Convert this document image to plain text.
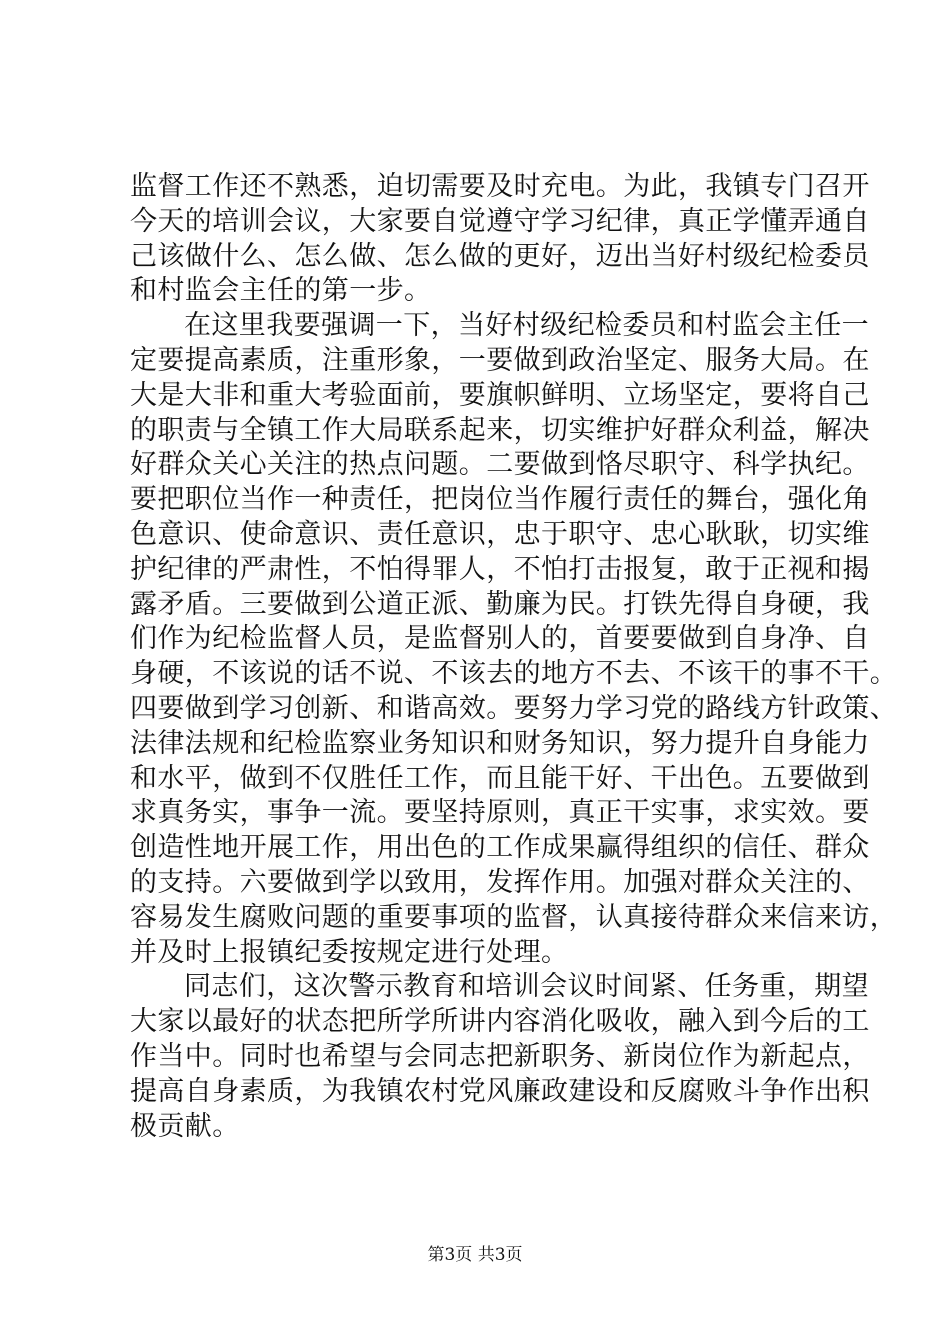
监督工作还不熟悉，迫切需要及时充电。为此，我镇专门召开
今天的培训会议，大家要自觉遵守学习纪律，真正学懂弄通自
己该做什么、怎么做、怎么做的更好，迈出当好村级纪检委员
和村监会主任的第一步。
在这里我要强调一下，当好村级纪检委员和村监会主任一
定要提高素质，注重形象，一要做到政治坚定、服务大局。在
大是大非和重大考验面前，要旗帜鲜明、立场坚定，要将自己
的职责与全镇工作大局联系起来，切实维护好群众利益，解决
好群众关心关注的热点问题。二要做到恪尽职守、科学执纪。
要把职位当作一种责任，把岗位当作履行责任的舞台，强化角
色意识、使命意识、责任意识，忠于职守、忠心耿耿，切实维
护纪律的严肃性，不怕得罪人，不怕打击报复，敢于正视和揭
露矛盾。三要做到公道正派、勤廉为民。打铁先得自身硬，我
们作为纪检监督人员，是监督别人的，首要要做到自身净、自
身硬，不该说的话不说、不该去的地方不去、不该干的事不干。
四要做到学习创新、和谐高效。要努力学习党的路线方针政策、
法律法规和纪检监察业务知识和财务知识，努力提升自身能力
和水平，做到不仅胜任工作，而且能干好、干出色。五要做到
求真务实，事争一流。要坚持原则，真正干实事，求实效。要
创造性地开展工作，用出色的工作成果赢得组织的信任、群众
的支持。六要做到学以致用，发挥作用。加强对群众关注的、
容易发生腐败问题的重要事项的监督，认真接待群众来信来访，
并及时上报镇纪委按规定进行处理。
同志们，这次警示教育和培训会议时间紧、任务重，期望
大家以最好的状态把所学所讲内容消化吸收，融入到今后的工
作当中。同时也希望与会同志把新职务、新岗位作为新起点，
提高自身素质，为我镇农村党风廉政建设和反腐败斗争作出积
极贡献。
第3页 共3页
